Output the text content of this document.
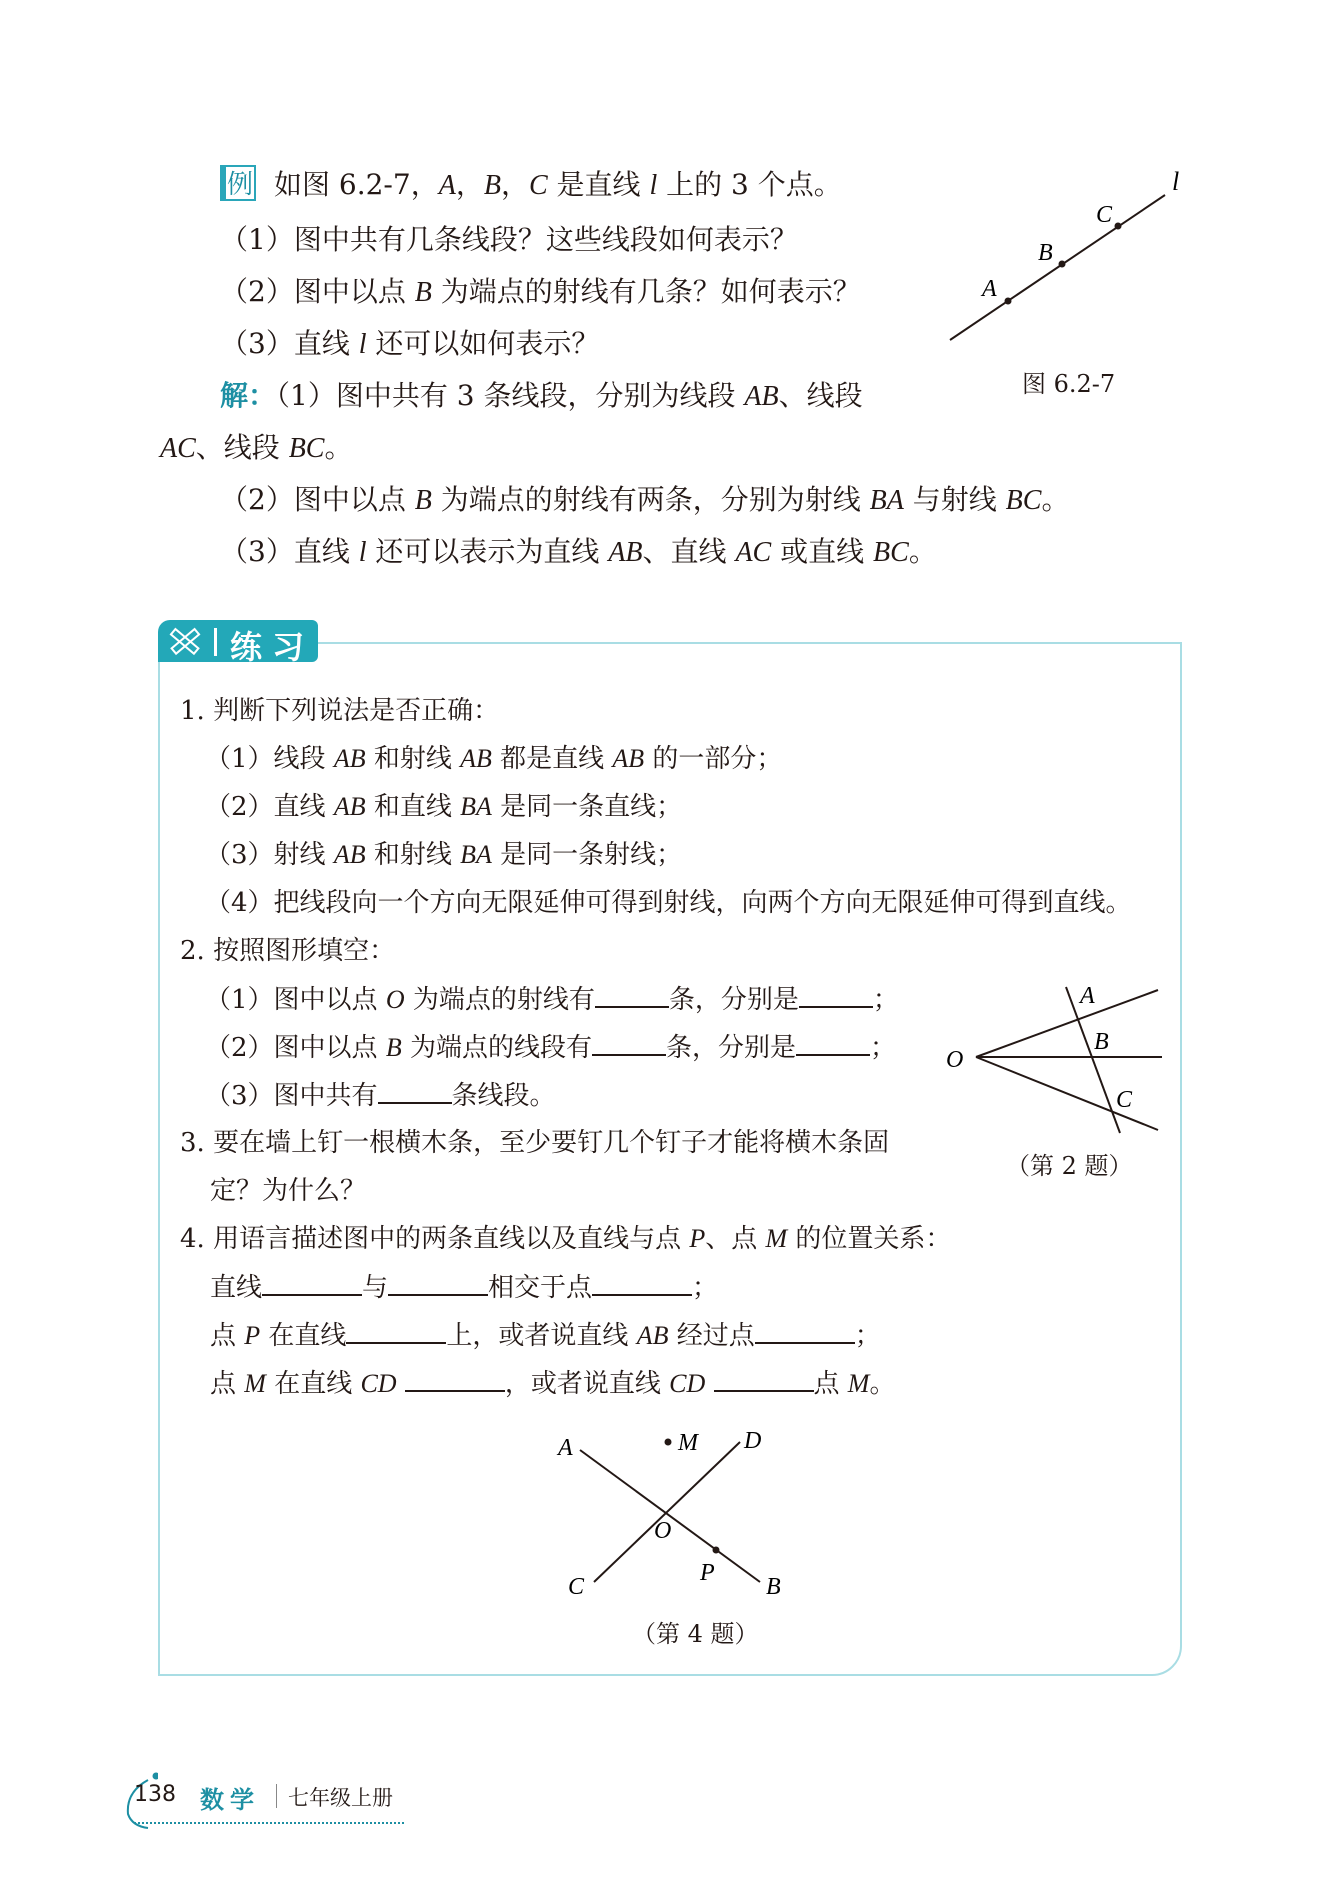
例 如图 6.2-7，A，B，C 是直线 l 上的 3 个点。
（1）图中共有几条线段？这些线段如何表示？
（2）图中以点 B 为端点的射线有几条？如何表示？
（3）直线 l 还可以如何表示？
解：（1）图中共有 3 条线段，分别为线段 AB、线段
AC、线段 BC。
（2）图中以点 B 为端点的射线有两条，分别为射线 BA 与射线 BC。
（3）直线 l 还可以表示为直线 AB、直线 AC 或直线 BC。
l
A
B
C
图 6.2-7
练习
1. 判断下列说法是否正确：
（1）线段 AB 和射线 AB 都是直线 AB 的一部分；
（2）直线 AB 和直线 BA 是同一条直线；
（3）射线 AB 和射线 BA 是同一条射线；
（4）把线段向一个方向无限延伸可得到射线，向两个方向无限延伸可得到直线。
2. 按照图形填空：
（1）图中以点 O 为端点的射线有	条，分别是	；
（2）图中以点 B 为端点的线段有	条，分别是	；
（3）图中共有	条线段。
O
A
B
C
（第 2 题）
3. 要在墙上钉一根横木条，至少要钉几个钉子才能将横木条固
定？为什么？
4. 用语言描述图中的两条直线以及直线与点 P、点 M 的位置关系：
直线	与	相交于点	；
点 P 在直线	上，或者说直线 AB 经过点	；
点 M 在直线 CD	，或者说直线 CD	点 M。
A	M D
O
P
C	B
（第 4 题）
138 数学 七年级上册
